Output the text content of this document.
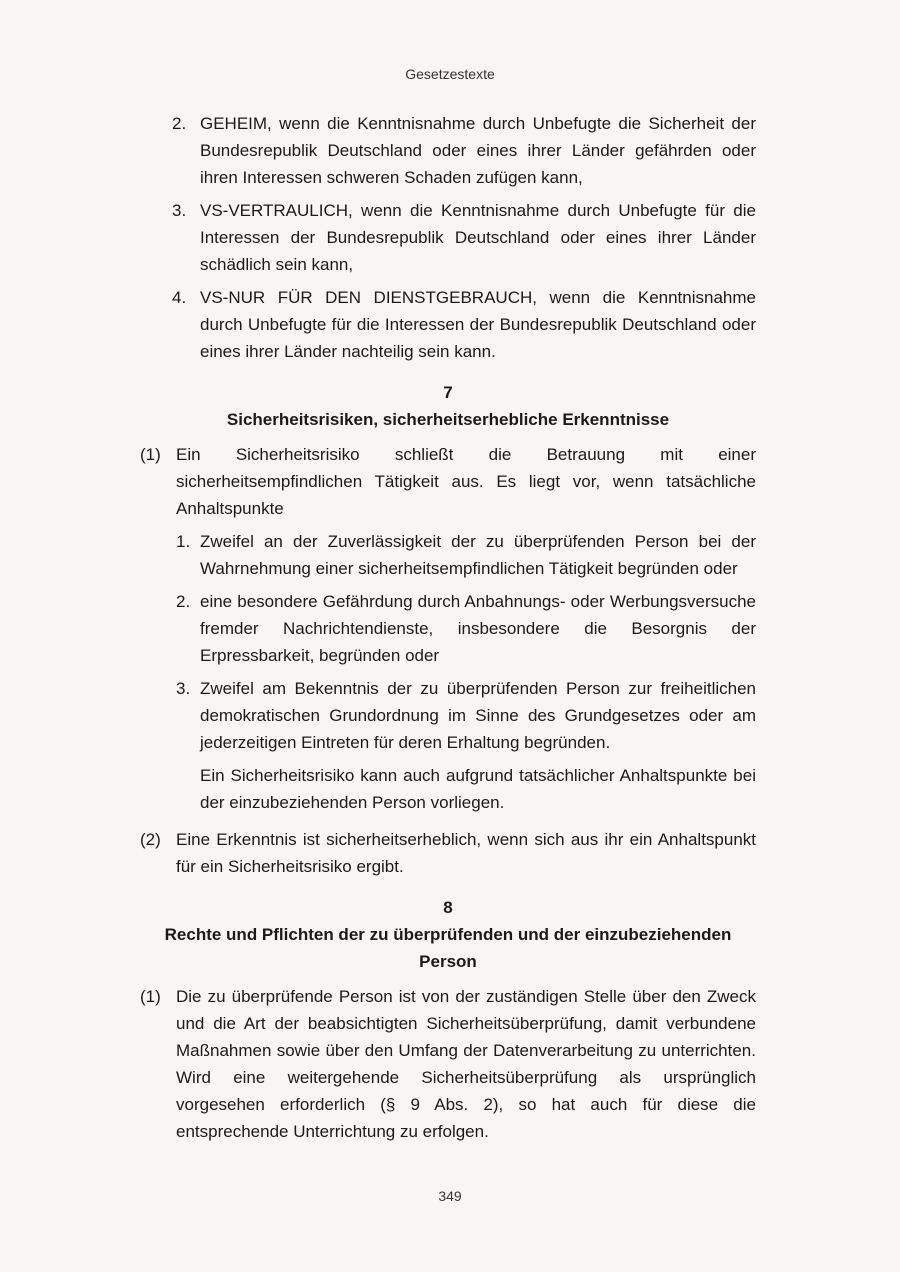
Gesetzestexte
2. GEHEIM, wenn die Kenntnisnahme durch Unbefugte die Sicherheit der Bundesrepublik Deutschland oder eines ihrer Länder gefährden oder ihren Interessen schweren Schaden zufügen kann,
3. VS-VERTRAULICH, wenn die Kenntnisnahme durch Unbefugte für die Interessen der Bundesrepublik Deutschland oder eines ihrer Länder schädlich sein kann,
4. VS-NUR FÜR DEN DIENSTGEBRAUCH, wenn die Kenntnisnahme durch Unbefugte für die Interessen der Bundesrepublik Deutschland oder eines ihrer Länder nachteilig sein kann.
7
Sicherheitsrisiken, sicherheitserhebliche Erkenntnisse
(1) Ein Sicherheitsrisiko schließt die Betrauung mit einer sicherheitsempfindlichen Tätigkeit aus. Es liegt vor, wenn tatsächliche Anhaltspunkte
1. Zweifel an der Zuverlässigkeit der zu überprüfenden Person bei der Wahrnehmung einer sicherheitsempfindlichen Tätigkeit begründen oder
2. eine besondere Gefährdung durch Anbahnungs- oder Werbungsversuche fremder Nachrichtendienste, insbesondere die Besorgnis der Erpressbarkeit, begründen oder
3. Zweifel am Bekenntnis der zu überprüfenden Person zur freiheitlichen demokratischen Grundordnung im Sinne des Grundgesetzes oder am jederzeitigen Eintreten für deren Erhaltung begründen.
Ein Sicherheitsrisiko kann auch aufgrund tatsächlicher Anhaltspunkte bei der einzubeziehenden Person vorliegen.
(2) Eine Erkenntnis ist sicherheitserheblich, wenn sich aus ihr ein Anhaltspunkt für ein Sicherheitsrisiko ergibt.
8
Rechte und Pflichten der zu überprüfenden und der einzubeziehenden Person
(1) Die zu überprüfende Person ist von der zuständigen Stelle über den Zweck und die Art der beabsichtigten Sicherheitsüberprüfung, damit verbundene Maßnahmen sowie über den Umfang der Datenverarbeitung zu unterrichten. Wird eine weitergehende Sicherheitsüberprüfung als ursprünglich vorgesehen erforderlich (§ 9 Abs. 2), so hat auch für diese die entsprechende Unterrichtung zu erfolgen.
349
